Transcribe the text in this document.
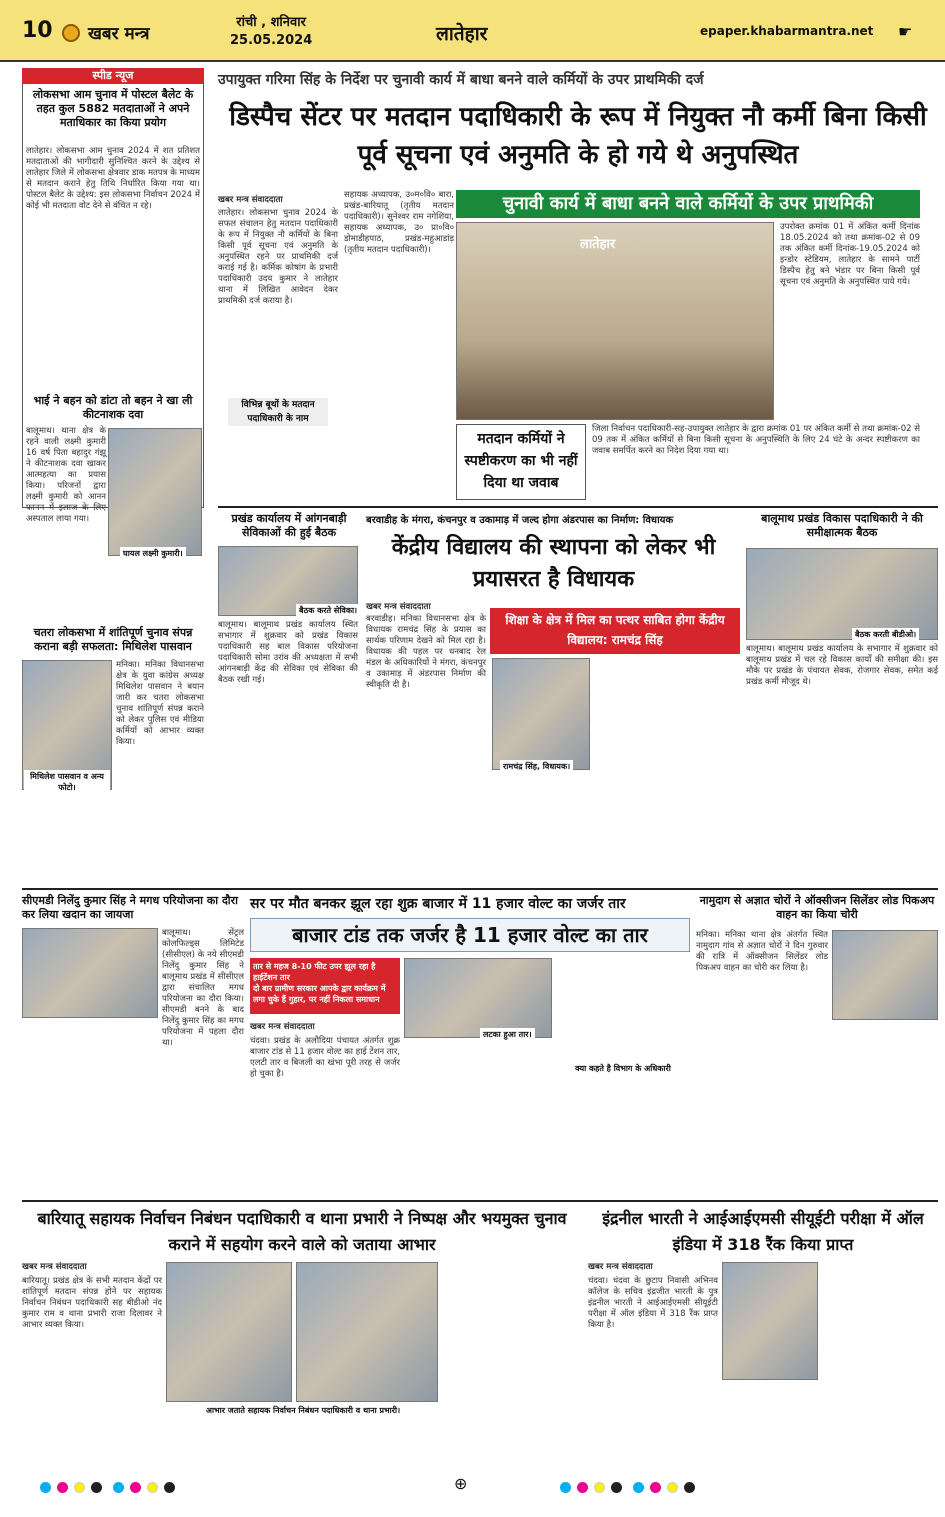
10 खबर मन्त्र
रांची , शनिवार
25.05.2024	लातेहार	epaper.khabarmantra.net ☛
स्पीड न्यूज
लोकसभा आम चुनाव में पोस्टल बैलेट के तहत कुल 5882 मतदाताओं ने अपने मताधिकार का किया प्रयोग
लातेहार। लोकसभा आम चुनाव 2024 में शत प्रतिशत मतदाताओं की भागीदारी सुनिश्चित करने के उद्देश्य से लातेहार जिले में लोकसभा क्षेत्रवार डाक मतपत्र के माध्यम से मतदान कराने हेतु तिथि निर्धारित किया गया था। पोस्टल बैलेट के उद्देश्य: इस लोकसभा निर्वाचन 2024 में कोई भी मतदाता वोट देने से वंचित न रहे।
भाई ने बहन को डांटा तो बहन ने खा ली कीटनाशक दवा
बालूमाथ। थाना क्षेत्र के रहने वाली लक्ष्मी कुमारी 16 वर्ष पिता बहादुर गंझू ने कीटनाशक दवा खाकर आत्महत्या का प्रयास किया। परिजनों द्वारा लक्ष्मी कुमारी को आनन फानन में इलाज के लिए अस्पताल लाया गया।
घायल लक्ष्मी कुमारी।
चतरा लोकसभा में शांतिपूर्ण चुनाव संपन्न कराना बड़ी सफलता: मिथिलेश पासवान
मिथिलेश पासवान व अन्य फोटो।
मनिका। मनिका विधानसभा क्षेत्र के युवा कांग्रेस अध्यक्ष मिथिलेश पासवान ने बयान जारी कर चतरा लोकसभा चुनाव शांतिपूर्ण संपन्न कराने को लेकर पुलिस एवं मीडिया कर्मियों को आभार व्यक्त किया।
उपायुक्त गरिमा सिंह के निर्देश पर चुनावी कार्य में बाधा बनने वाले कर्मियों के उपर प्राथमिकी दर्ज
डिस्पैच सेंटर पर मतदान पदाधिकारी के रूप में नियुक्त नौ कर्मी बिना किसी पूर्व सूचना एवं अनुमति के हो गये थे अनुपस्थित
खबर मन्त्र संवाददाता
लातेहार। लोकसभा चुनाव 2024 के सफल संचालन हेतु मतदान पदाधिकारी के रूप में नियुक्त नौ कर्मियों के बिना किसी पूर्व सूचना एवं अनुमति के अनुपस्थित रहने पर प्राथमिकी दर्ज कराई गई है। कर्मिक कोषांग के प्रभारी पदाधिकारी उदय कुमार ने लातेहार थाना में लिखित आवेदन देकर प्राथमिकी दर्ज कराया है।
विभिन्न बूथों के मतदान पदाधिकारी के नाम
सहायक अध्यापक, उ०म०वि० बारा, प्रखंड-बारियातू (तृतीय मतदान पदाधिकारी)। सुनेश्वर राम नगेशिया, सहायक अध्यापक, उ० प्रा०वि० डोमाडीहपाठ, प्रखंड-महुआडांड़ (तृतीय मतदान पदाधिकारी)।
चुनावी कार्य में बाधा बनने वाले कर्मियों के उपर प्राथमिकी
लातेहार
उपरोक्त क्रमांक 01 में अंकित कर्मी दिनांक 18.05.2024 को तथा क्रमांक-02 से 09 तक अंकित कर्मी दिनांक-19.05.2024 को इन्डोर स्टेडियम, लातेहार के सामने पार्टी डिस्पैच हेतु बने भंडार पर बिना किसी पूर्व सूचना एवं अनुमति के अनुपस्थित पाये गये।
मतदान कर्मियों ने स्पष्टीकरण का भी नहीं दिया था जवाब
जिला निर्वाचन पदाधिकारी-सह-उपायुक्त लातेहार के द्वारा क्रमांक 01 पर अंकित कर्मी से तथा क्रमांक-02 से 09 तक में अंकित कर्मियों से बिना किसी सूचना के अनुपस्थिति के लिए 24 घंटे के अन्दर स्पष्टीकरण का जवाब समर्पित करने का निदेश दिया गया था।
प्रखंड कार्यालय में आंगनबाड़ी सेविकाओं की हुई बैठक
बैठक करते सेविका।
बालूमाथ। बालूमाथ प्रखंड कार्यालय स्थित सभागार में शुक्रवार को प्रखंड विकास पदाधिकारी सह बाल विकास परियोजना पदाधिकारी सोमा उरांव की अध्यक्षता में सभी आंगनबाड़ी केंद्र की सेविका एवं सेविका की बैठक रखी गई।
बरवाडीह के मंगरा, कंचनपुर व उकामाड़ में जल्द होगा अंडरपास का निर्माण: विधायक
केंद्रीय विद्यालय की स्थापना को लेकर भी प्रयासरत है विधायक
खबर मन्त्र संवाददाता
बरवाडीह। मनिका विधानसभा क्षेत्र के विधायक रामचंद्र सिंह के प्रयास का सार्थक परिणाम देखने को मिल रहा है। विधायक की पहल पर धनबाद रेल मंडल के अधिकारियों ने मंगरा, कंचनपुर व उकामाड़ में अंडरपास निर्माण की स्वीकृति दी है।
शिक्षा के क्षेत्र में मिल का पत्थर साबित होगा केंद्रीय विद्यालय: रामचंद्र सिंह
रामचंद्र सिंह, विधायक।
बालूमाथ प्रखंड विकास पदाधिकारी ने की समीक्षात्मक बैठक
बैठक करती बीडीओ।
बालूमाथ। बालूमाथ प्रखंड कार्यालय के सभागार में शुक्रवार को बालूमाथ प्रखंड में चल रहे विकास कार्यों की समीक्षा की। इस मौके पर प्रखंड के पंचायत सेवक, रोजगार सेवक, समेत कई प्रखंड कर्मी मौजूद थे।
सीएमडी निलेंदु कुमार सिंह ने मगध परियोजना का दौरा कर लिया खदान का जायजा
बालूमाथ। सेंट्रल कोलफिल्ड्स लिमिटेड (सीसीएल) के नये सीएमडी निलेंदु कुमार सिंह ने बालूमाथ प्रखंड में सीसीएल द्वारा संचालित मगध परियोजना का दौरा किया। सीएमडी बनने के बाद निलेंदु कुमार सिंह का मगध परियोजना में पहला दौरा था।
सर पर मौत बनकर झूल रहा शुक्र बाजार में 11 हजार वोल्ट का जर्जर तार
बाजार टांड तक जर्जर है 11 हजार वोल्ट का तार
तार से महज 8-10 फीट उपर झूल रहा है हाईटेंशन तार
दो बार ग्रामीण सरकार आपके द्वार कार्यक्रम में लगा चुके हैं गुहार, पर नहीं निकला समाधान
खबर मन्त्र संवाददाता
चंदवा। प्रखंड के अलौदिया पंचायत अंतर्गत शुक्र बाजार टांड से 11 हजार वोल्ट का हाई टेंशन तार, एलटी तार व बिजली का खंभा पूरी तरह से जर्जर हो चुका है।
लटका हुआ तार।
क्या कहते है विभाग के अधिकारी
नामुदाग से अज्ञात चोरों ने ऑक्सीजन सिलेंडर लोड पिकअप वाहन का किया चोरी
मनिका। मनिका थाना क्षेत्र अंतर्गत स्थित नामुदाग गांव से अज्ञात चोरों ने दिन गुरुवार की रात्रि में ऑक्सीजन सिलेंडर लोड पिकअप वाहन का चोरी कर लिया है।
बारियातू सहायक निर्वाचन निबंधन पदाधिकारी व थाना प्रभारी ने निष्पक्ष और भयमुक्त चुनाव कराने में सहयोग करने वाले को जताया आभार
खबर मन्त्र संवाददाता
बारियातू। प्रखंड क्षेत्र के सभी मतदान केंद्रों पर शांतिपूर्ण मतदान संपन्न होने पर सहायक निर्वाचन निबंधन पदाधिकारी सह बीडीओ नंद कुमार राम व थाना प्रभारी राजा दिलावर ने आभार व्यक्त किया।
आभार जताते सहायक निर्वाचन निबंधन पदाधिकारी व थाना प्रभारी।
इंद्रनील भारती ने आईआईएमसी सीयूईटी परीक्षा में ऑल इंडिया में 318 रैंक किया प्राप्त
खबर मन्त्र संवाददाता
चंदवा। चंदवा के छुटाप निवासी अभिनव कॉलेज के सचिव इंद्रजीत भारती के पुत्र इंद्रनील भारती ने आईआईएमसी सीयूईटी परीक्षा में ऑल इंडिया में 318 रैंक प्राप्त किया है।

⊕
